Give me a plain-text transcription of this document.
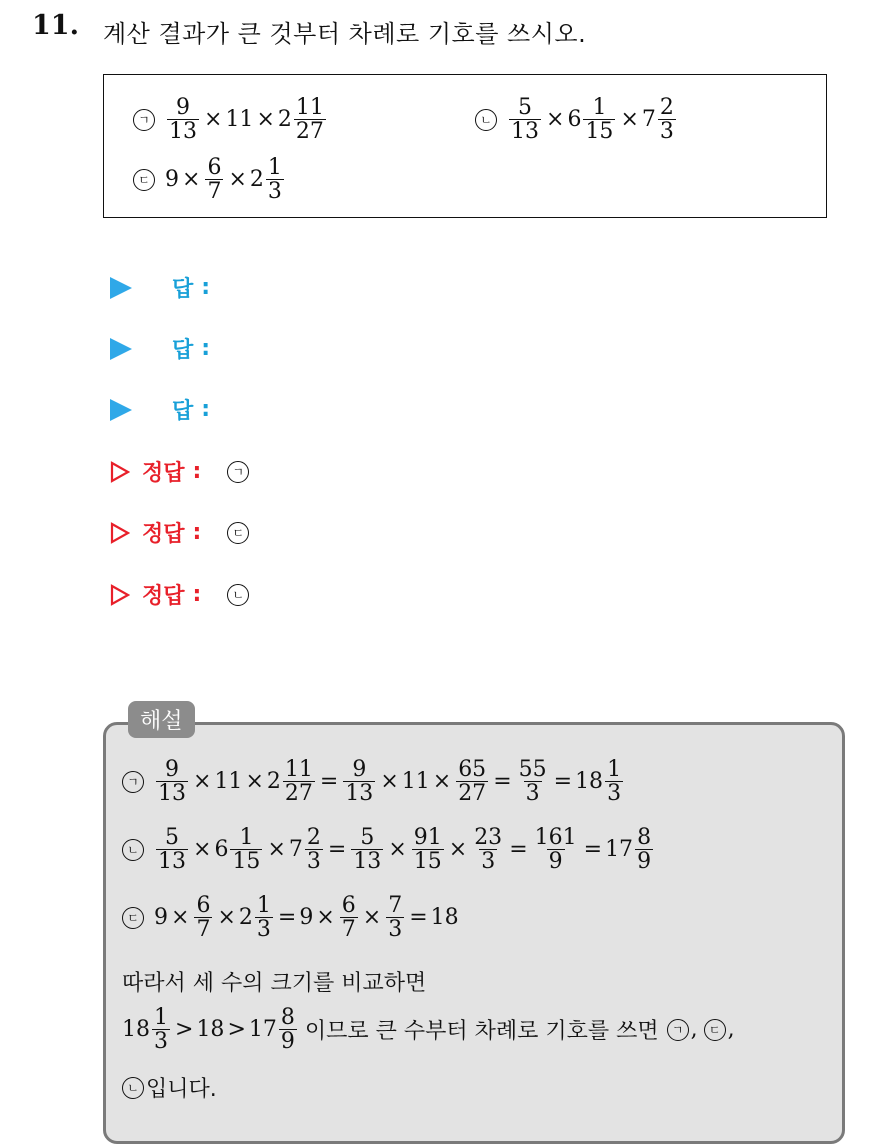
11. 계산 결과가 큰 것부터 차례로 기호를 쓰시오.
ㄱ $\frac{9}{13} \times 11 \times 2 \frac{11}{27}$	ㄴ $\frac{5}{13} \times 6 \frac{1}{15} \times 7 \frac{2}{3}$
ㄷ $9 \times \frac{6}{7} \times 2 \frac{1}{3}$
답 :
답 :
답 :
정답 :	ㄱ
정답 :	ㄷ
정답 :	ㄴ
해설
ㄱ $\frac{9}{13} \times 11 \times 2 \frac{11}{27} = \frac{9}{13} \times 11 \times \frac{65}{27} = \frac{55}{3} = 18 \frac{1}{3}$
ㄴ $\frac{5}{13} \times 6 \frac{1}{15} \times 7 \frac{2}{3} = \frac{5}{13} \times \frac{91}{15} \times \frac{23}{3} = \frac{161}{9} = 17 \frac{8}{9}$
ㄷ $9 \times \frac{6}{7} \times 2 \frac{1}{3} = 9 \times \frac{6}{7} \times \frac{7}{3} = 18$
따라서 세 수의 크기를 비교하면
$18 \frac{1}{3} > 18 > 17 \frac{8}{9}$ 이므로 큰 수부터 차례로 기호를 쓰면	ㄱ , ㄷ ,
ㄴ 입니다.
